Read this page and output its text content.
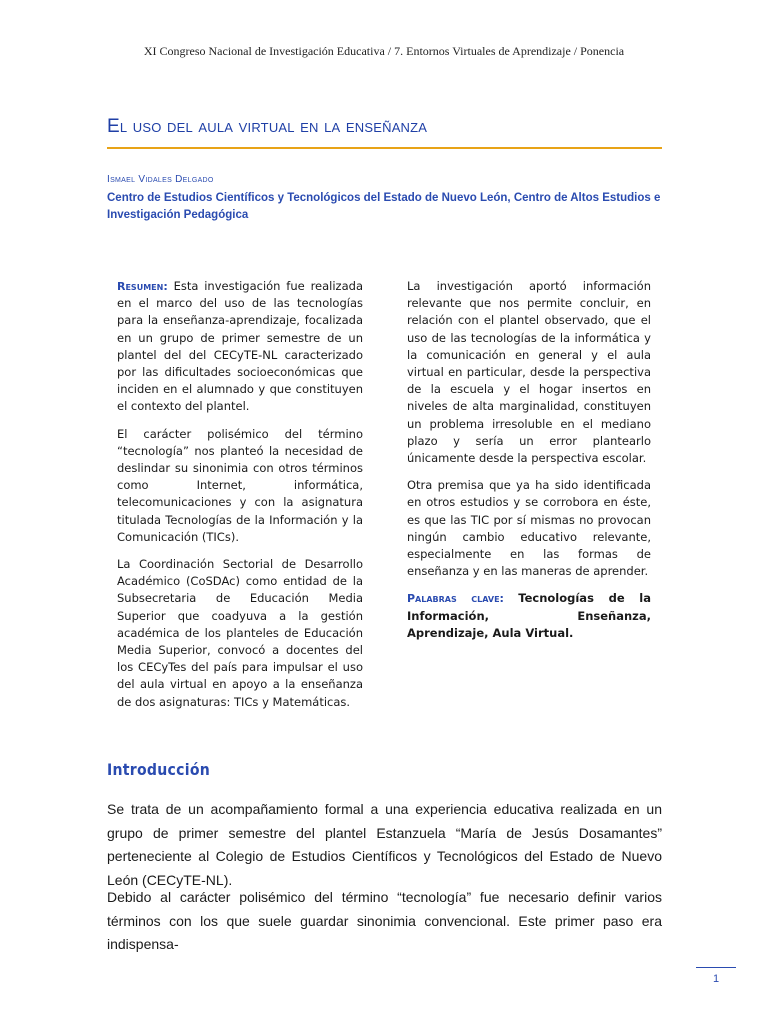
XI Congreso Nacional de Investigación Educativa / 7. Entornos Virtuales de Aprendizaje / Ponencia
El uso del aula virtual en la enseñanza
Ismael Vidales Delgado
Centro de Estudios Científicos y Tecnológicos del Estado de Nuevo León, Centro de Altos Estudios e Investigación Pedagógica

Resumen: Esta investigación fue realizada en el marco del uso de las tecnologías para la enseñanza-aprendizaje, focalizada en un grupo de primer semestre de un plantel del del CECyTE-NL caracterizado por las dificultades socioeconómicas que inciden en el alumnado y que constituyen el contexto del plantel.

El carácter polisémico del término “tecnología” nos planteó la necesidad de deslindar su sinonimia con otros términos como Internet, informática, telecomunicaciones y con la asignatura titulada Tecnologías de la Información y la Comunicación (TICs).

La Coordinación Sectorial de Desarrollo Académico (CoSDAc) como entidad de la Subsecretaria de Educación Media Superior que coadyuva a la gestión académica de los planteles de Educación Media Superior, convocó a docentes del los CECyTes del país para impulsar el uso del aula virtual en apoyo a la enseñanza de dos asignaturas: TICs y Matemáticas.

La investigación aportó información relevante que nos permite concluir, en relación con el plantel observado, que el uso de las tecnologías de la informática y la comunicación en general y el aula virtual en particular, desde la perspectiva de la escuela y el hogar insertos en niveles de alta marginalidad, constituyen un problema irresoluble en el mediano plazo y sería un error plantearlo únicamente desde la perspectiva escolar.

Otra premisa que ya ha sido identificada en otros estudios y se corrobora en éste, es que las TIC por sí mismas no provocan ningún cambio educativo relevante, especialmente en las formas de enseñanza y en las maneras de aprender.

Palabras clave: Tecnologías de la Información, Enseñanza, Aprendizaje, Aula Virtual.

Introducción

Se trata de un acompañamiento formal a una experiencia educativa realizada en un grupo de primer semestre del plantel Estanzuela “María de Jesús Dosamantes” perteneciente al Colegio de Estudios Científicos y Tecnológicos del Estado de Nuevo León (CECyTE-NL).

Debido al carácter polisémico del término “tecnología” fue necesario definir varios términos con los que suele guardar sinonimia convencional. Este primer paso era indispensa-

1
